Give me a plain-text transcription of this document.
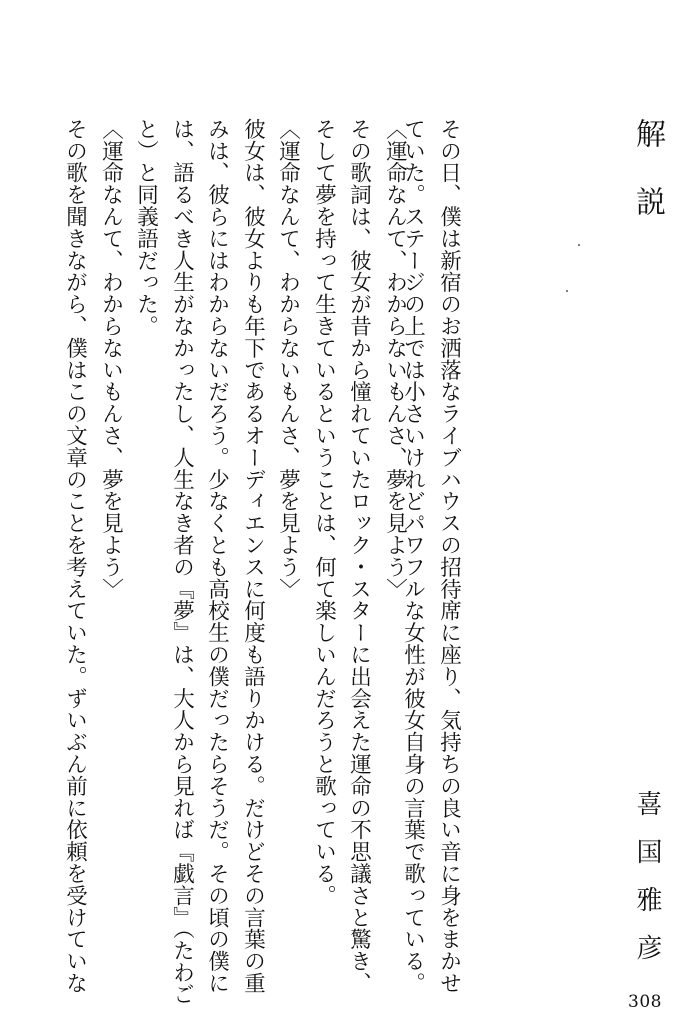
解説
その日、僕は新宿のお洒落なライブハウスの招待席に座り、気持ちの良い音に身をまかせ
ていた。ステージの上では小さいけれどパワフルな女性が彼女自身の言葉で歌っている。
〈運命なんて、わからないもんさ、夢を見よう〉
その歌詞は、彼女が昔から憧れていたロック・スターに出会えた運命の不思議さと驚き、
そして夢を持って生きているということは、何て楽しいんだろうと歌っている。
〈運命なんて、わからないもんさ、夢を見よう〉
彼女は、彼女よりも年下であるオーディエンスに何度も語りかける。だけどその言葉の重
みは、彼らにはわからないだろう。少なくとも高校生の僕だったらそうだ。その頃の僕に
は、語るべき人生がなかったし、人生なき者の『夢』は、大人から見れば『戯言』（たわご
と）と同義語だった。
〈運命なんて、わからないもんさ、夢を見よう〉
その歌を聞きながら、僕はこの文章のことを考えていた。ずいぶん前に依頼を受けていな	喜国雅彦
308
